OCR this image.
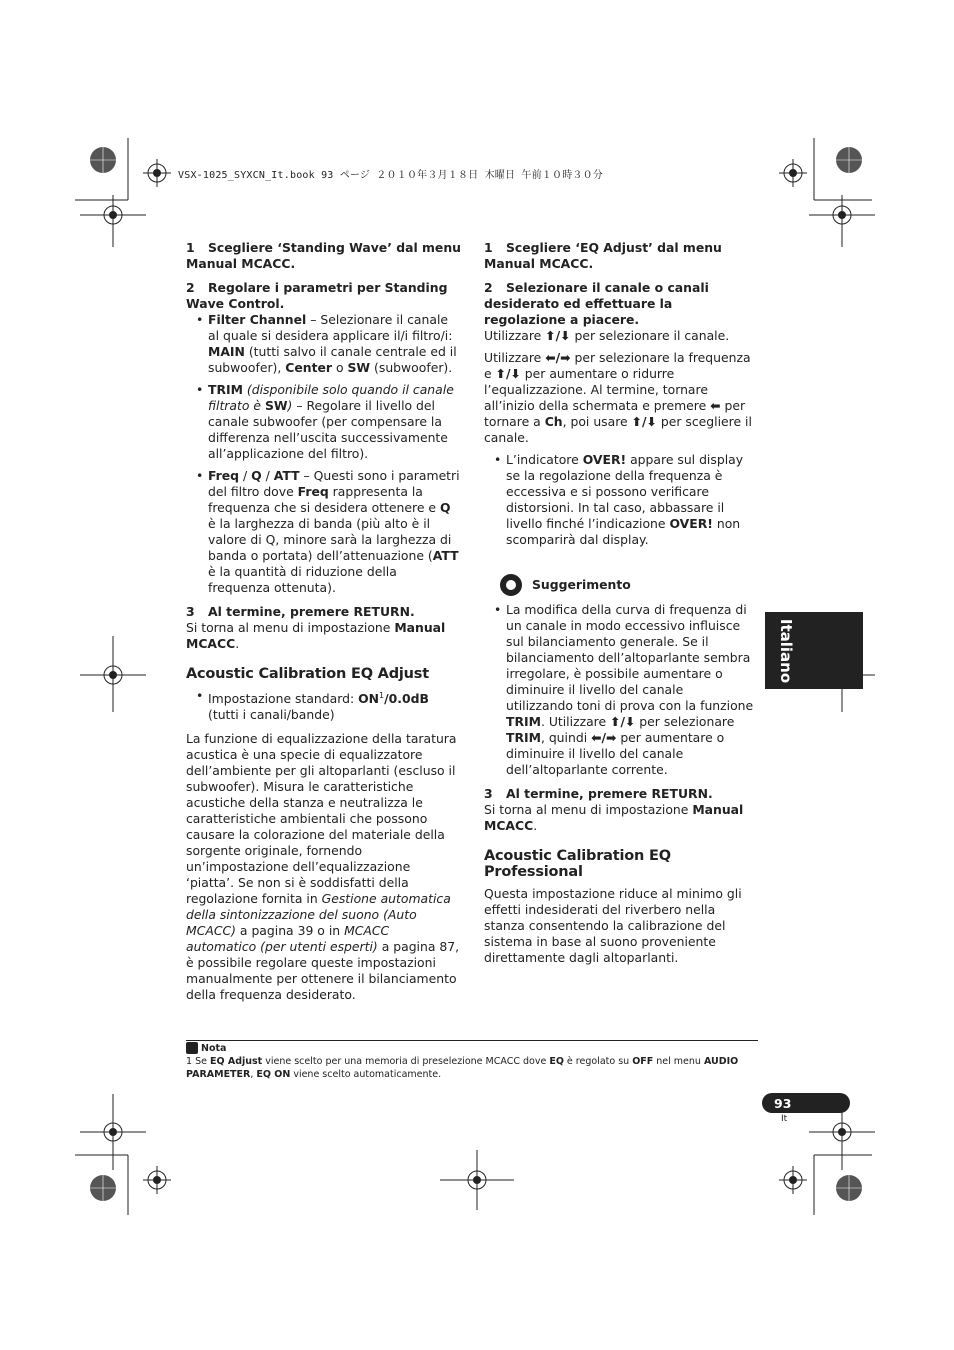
VSX-1025_SYXCN_It.book 93 ページ ２０１０年３月１８日 木曜日 午前１０時３０分
1 Scegliere ‘Standing Wave’ dal menu Manual MCACC.
2 Regolare i parametri per Standing Wave Control.
• Filter Channel – Selezionare il canale al quale si desidera applicare il/i filtro/i: MAIN (tutti salvo il canale centrale ed il subwoofer), Center o SW (subwoofer).
• TRIM (disponibile solo quando il canale filtrato è SW) – Regolare il livello del canale subwoofer (per compensare la differenza nell’uscita successivamente all’applicazione del filtro).
• Freq / Q / ATT – Questi sono i parametri del filtro dove Freq rappresenta la frequenza che si desidera ottenere e Q è la larghezza di banda (più alto è il valore di Q, minore sarà la larghezza di banda o portata) dell’attenuazione (ATT è la quantità di riduzione della frequenza ottenuta).
3 Al termine, premere RETURN.

Si torna al menu di impostazione Manual MCACC.

Acoustic Calibration EQ Adjust
• Impostazione standard: $ON^1/0.0dB$ (tutti i canali/bande)

La funzione di equalizzazione della taratura acustica è una specie di equalizzatore dell’ambiente per gli altoparlanti (escluso il subwoofer). Misura le caratteristiche acustiche della stanza e neutralizza le caratteristiche ambientali che possono causare la colorazione del materiale della sorgente originale, fornendo un’impostazione dell’equalizzazione ‘piatta’. Se non si è soddisfatti della regolazione fornita in Gestione automatica della sintonizzazione del suono (Auto MCACC) a pagina 39 o in MCACC automatico (per utenti esperti) a pagina 87, è possibile regolare queste impostazioni manualmente per ottenere il bilanciamento della frequenza desiderato.

1 Scegliere ‘EQ Adjust’ dal menu Manual MCACC.
2 Selezionare il canale o canali desiderato ed effettuare la regolazione a piacere.

Utilizzare ⬆/⬇ per selezionare il canale.

Utilizzare ⬅/➡ per selezionare la frequenza e ⬆/⬇ per aumentare o ridurre l’equalizzazione. Al termine, tornare all’inizio della schermata e premere ⬅ per tornare a Ch, poi usare ⬆/⬇ per scegliere il canale.

• L’indicatore OVER! appare sul display se la regolazione della frequenza è eccessiva e si possono verificare distorsioni. In tal caso, abbassare il livello finché l’indicazione OVER! non scomparirà dal display.
Suggerimento
• La modifica della curva di frequenza di un canale in modo eccessivo influisce sul bilanciamento generale. Se il bilanciamento dell’altoparlante sembra irregolare, è possibile aumentare o diminuire il livello del canale utilizzando toni di prova con la funzione TRIM. Utilizzare ⬆/⬇ per selezionare TRIM, quindi ⬅/➡ per aumentare o diminuire il livello del canale dell’altoparlante corrente.
3 Al termine, premere RETURN.

Si torna al menu di impostazione Manual MCACC.

Acoustic Calibration EQ Professional

Questa impostazione riduce al minimo gli effetti indesiderati del riverbero nella stanza consentendo la calibrazione del sistema in base al suono proveniente direttamente dagli altoparlanti.

Italiano
Nota
1 Se EQ Adjust viene scelto per una memoria di preselezione MCACC dove EQ è regolato su OFF nel menu AUDIO PARAMETER, EQ ON viene scelto automaticamente.
93
It
